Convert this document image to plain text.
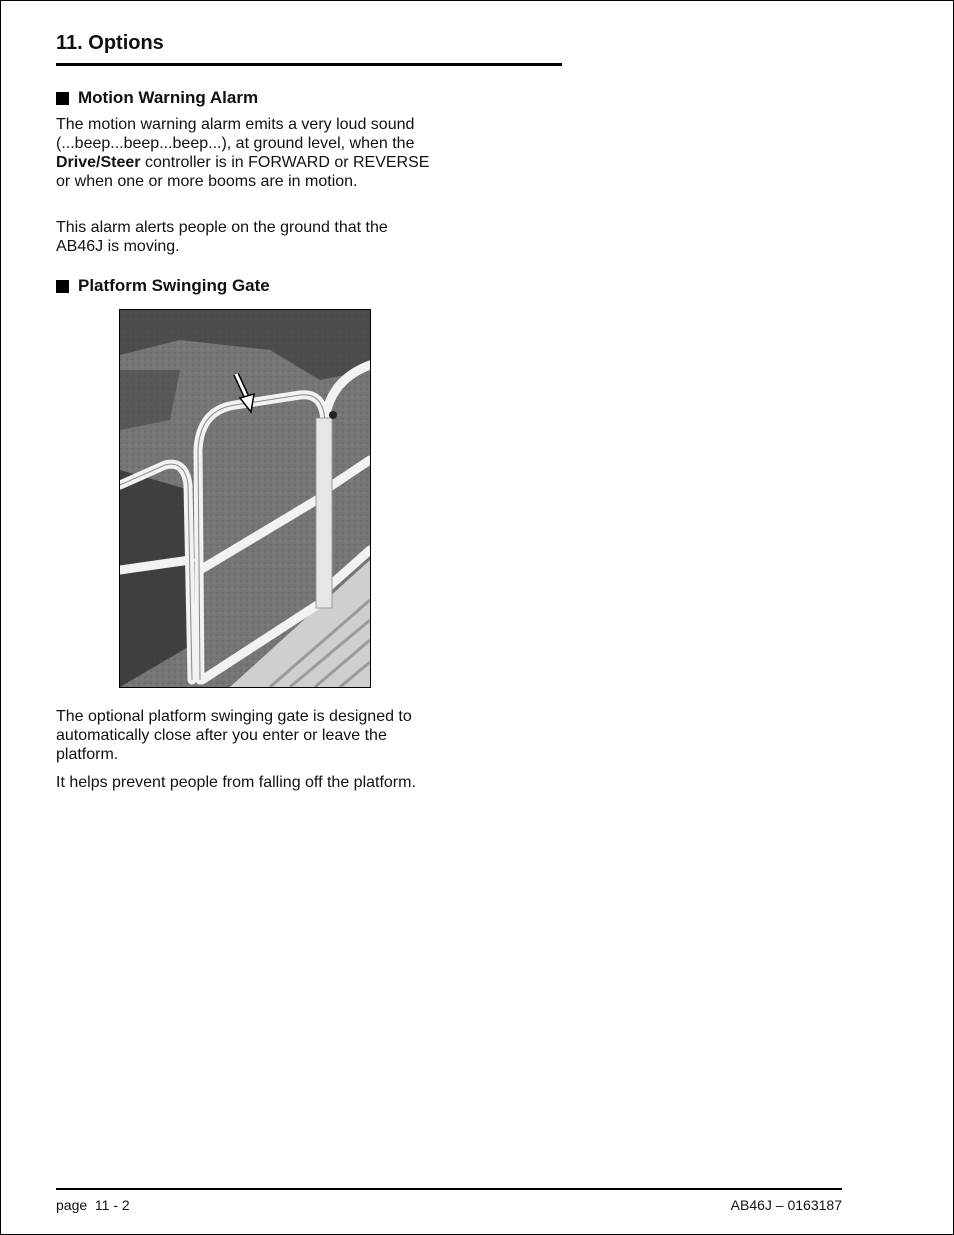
11. Options
Motion Warning Alarm

The motion warning alarm emits a very loud sound (...beep...beep...beep...), at ground level, when the Drive/Steer controller is in FORWARD or REVERSE or when one or more booms are in motion.

This alarm alerts people on the ground that the AB46J is moving.

Platform Swinging Gate

The optional platform swinging gate is designed to automatically close after you enter or leave the platform.

It helps prevent people from falling off the platform.

page  11 - 2	AB46J – 0163187
